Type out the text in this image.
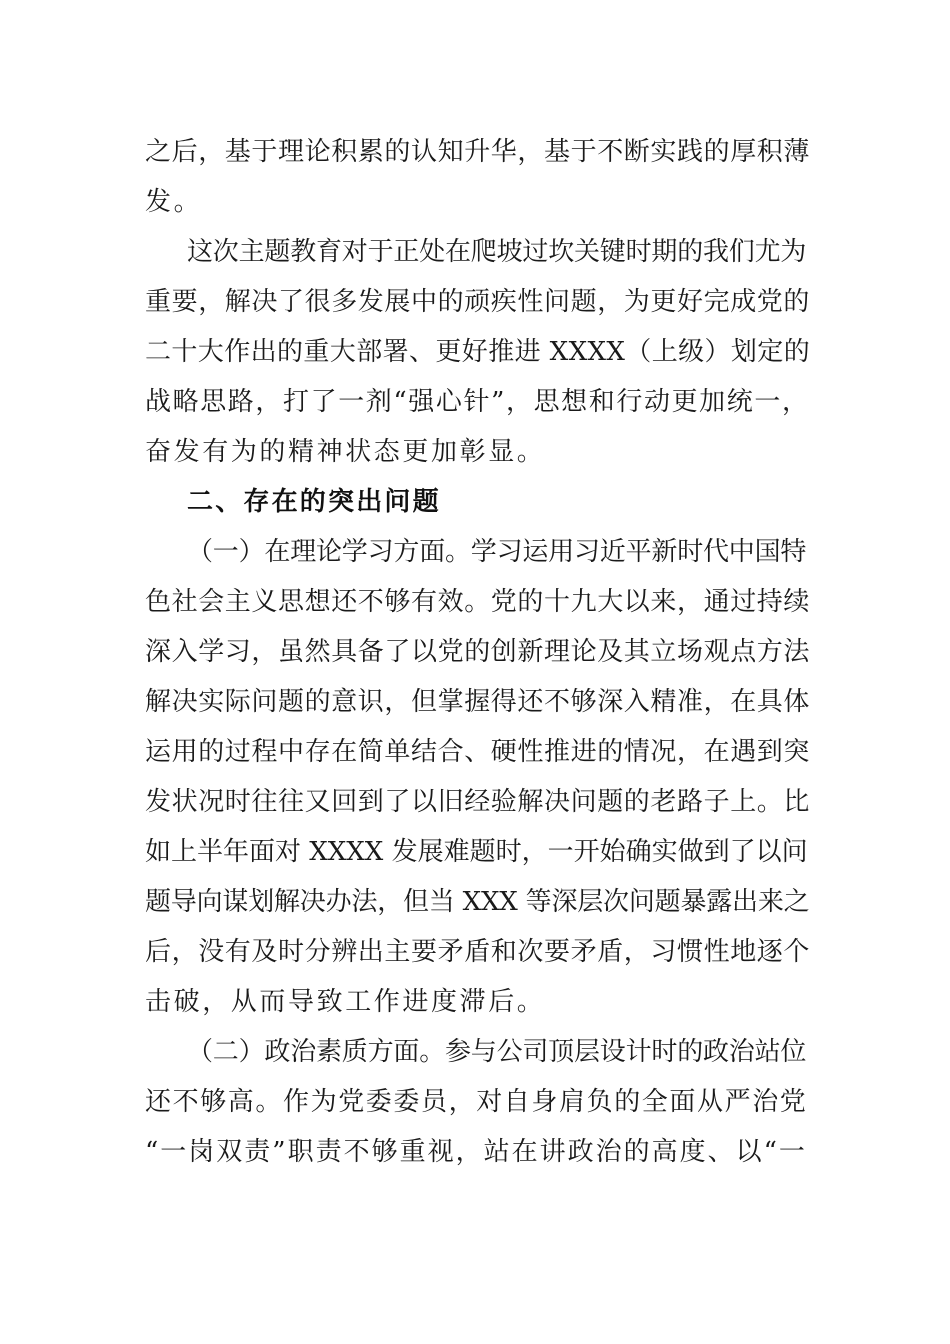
之后，基于理论积累的认知升华，基于不断实践的厚积薄
发。
这次主题教育对于正处在爬坡过坎关键时期的我们尤为
重要，解决了很多发展中的顽疾性问题，为更好完成党的
二十大作出的重大部署、更好推进 XXXX（上级）划定的
战略思路，打了一剂“强心针”，思想和行动更加统一，
奋发有为的精神状态更加彰显。
二、存在的突出问题
（一）在理论学习方面。学习运用习近平新时代中国特
色社会主义思想还不够有效。党的十九大以来，通过持续
深入学习，虽然具备了以党的创新理论及其立场观点方法
解决实际问题的意识，但掌握得还不够深入精准，在具体
运用的过程中存在简单结合、硬性推进的情况，在遇到突
发状况时往往又回到了以旧经验解决问题的老路子上。比
如上半年面对 XXXX 发展难题时，一开始确实做到了以问
题导向谋划解决办法，但当 XXX 等深层次问题暴露出来之
后，没有及时分辨出主要矛盾和次要矛盾，习惯性地逐个
击破，从而导致工作进度滞后。
（二）政治素质方面。参与公司顶层设计时的政治站位
还不够高。作为党委委员，对自身肩负的全面从严治党
“一岗双责”职责不够重视，站在讲政治的高度、以“一
